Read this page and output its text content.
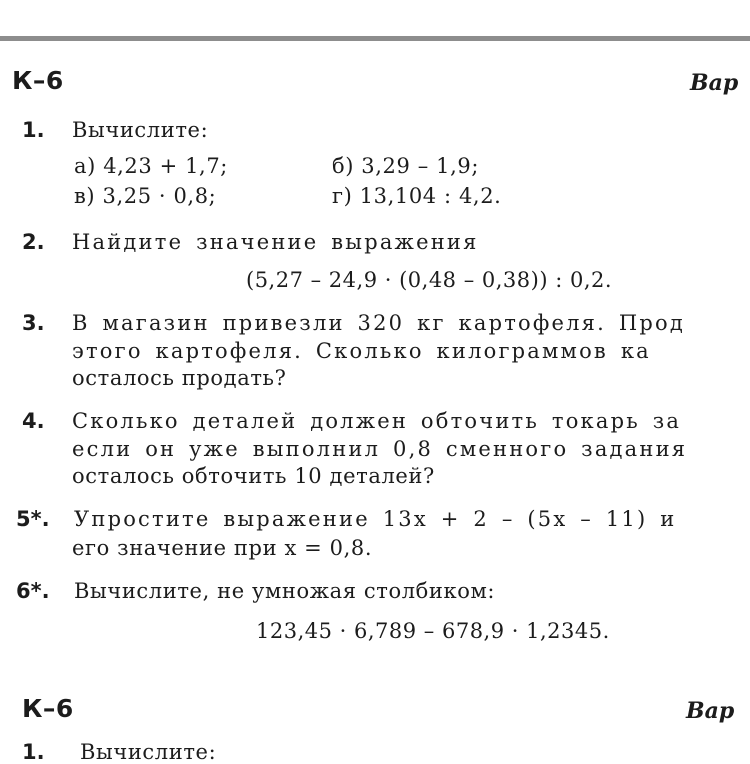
К–6	Вар
1. Вычислите:
а) 4,23 + 1,7;	б) 3,29 – 1,9;
в) 3,25 · 0,8;	г) 13,104 : 4,2.
2. Найдите значение выражения
(5,27 – 24,9 · (0,48 – 0,38)) : 0,2.
3. В магазин привезли 320 кг картофеля. Прод
этого картофеля. Сколько килограммов ка
осталось продать?
4. Сколько деталей должен обточить токарь за
если он уже выполнил 0,8 сменного задания
осталось обточить 10 деталей?
5*. Упростите выражение 13x + 2 – (5x – 11) и
его значение при x = 0,8.
6*. Вычислите, не умножая столбиком:
123,45 · 6,789 – 678,9 · 1,2345.
К–6	Вар
1. Вычислите:
